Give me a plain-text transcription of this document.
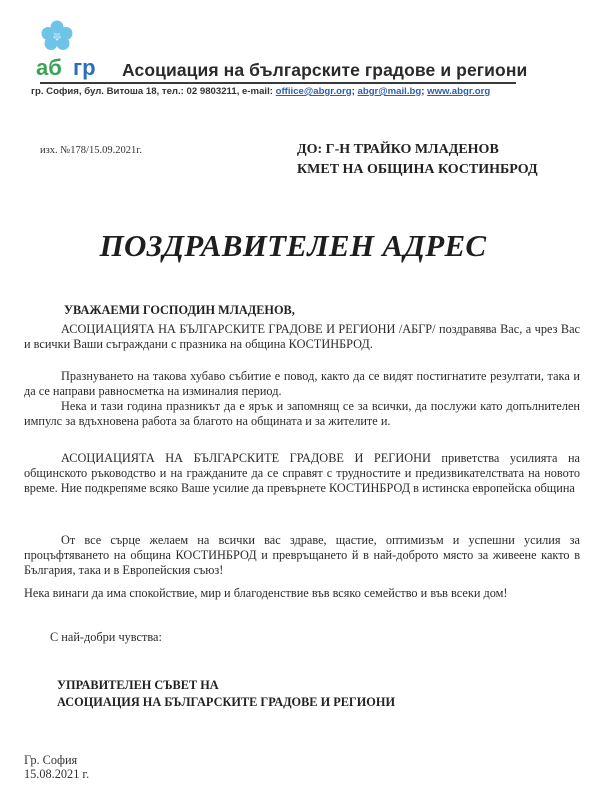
аб гр Асоциация на българските градове и региони
гр. София, бул. Витоша 18, тел.: 02 9803211, e-mail: offiice@abgr.org; abgr@mail.bg; www.abgr.org
изх. №178/15.09.2021г.	ДО: Г-Н ТРАЙКО МЛАДЕНОВ
КМЕТ НА ОБЩИНА КОСТИНБРОД
ПОЗДРАВИТЕЛЕН АДРЕС
УВАЖАЕМИ ГОСПОДИН МЛАДЕНОВ,

АСОЦИАЦИЯТА НА БЪЛГАРСКИТЕ ГРАДОВЕ И РЕГИОНИ /АБГР/ поздравява Вас, а чрез Вас и всички Ваши съграждани с празника на община КОСТИНБРОД.

Празнуването на такова хубаво събитие е повод, както да се видят постигнатите резултати, така и да се направи равносметка на изминалия период.

Нека и тази година празникът да е ярък и запомнящ се за всички, да послужи като допълнителен импулс за вдъхновена работа за благото на общината и за жителите и.

АСОЦИАЦИЯТА НА БЪЛГАРСКИТЕ ГРАДОВЕ И РЕГИОНИ приветства усилията на общинското ръководство и на гражданите да се справят с трудностите и предизвикателствата на новото време. Ние подкрепяме всяко Ваше усилие да превърнете КОСТИНБРОД в истинска европейска община

От все сърце желаем на всички вас здраве, щастие, оптимизъм и успешни усилия за процъфтяването на община КОСТИНБРОД и превръщането й в най-доброто място за живеене както в България, така и в Европейския съюз!

Нека винаги да има спокойствие, мир и благоденствие във всяко семейство и във всеки дом!

С най-добри чувства:
УПРАВИТЕЛЕН СЪВЕТ НА
АСОЦИАЦИЯ НА БЪЛГАРСКИТЕ ГРАДОВЕ И РЕГИОНИ
Гр. София
15.08.2021 г.
